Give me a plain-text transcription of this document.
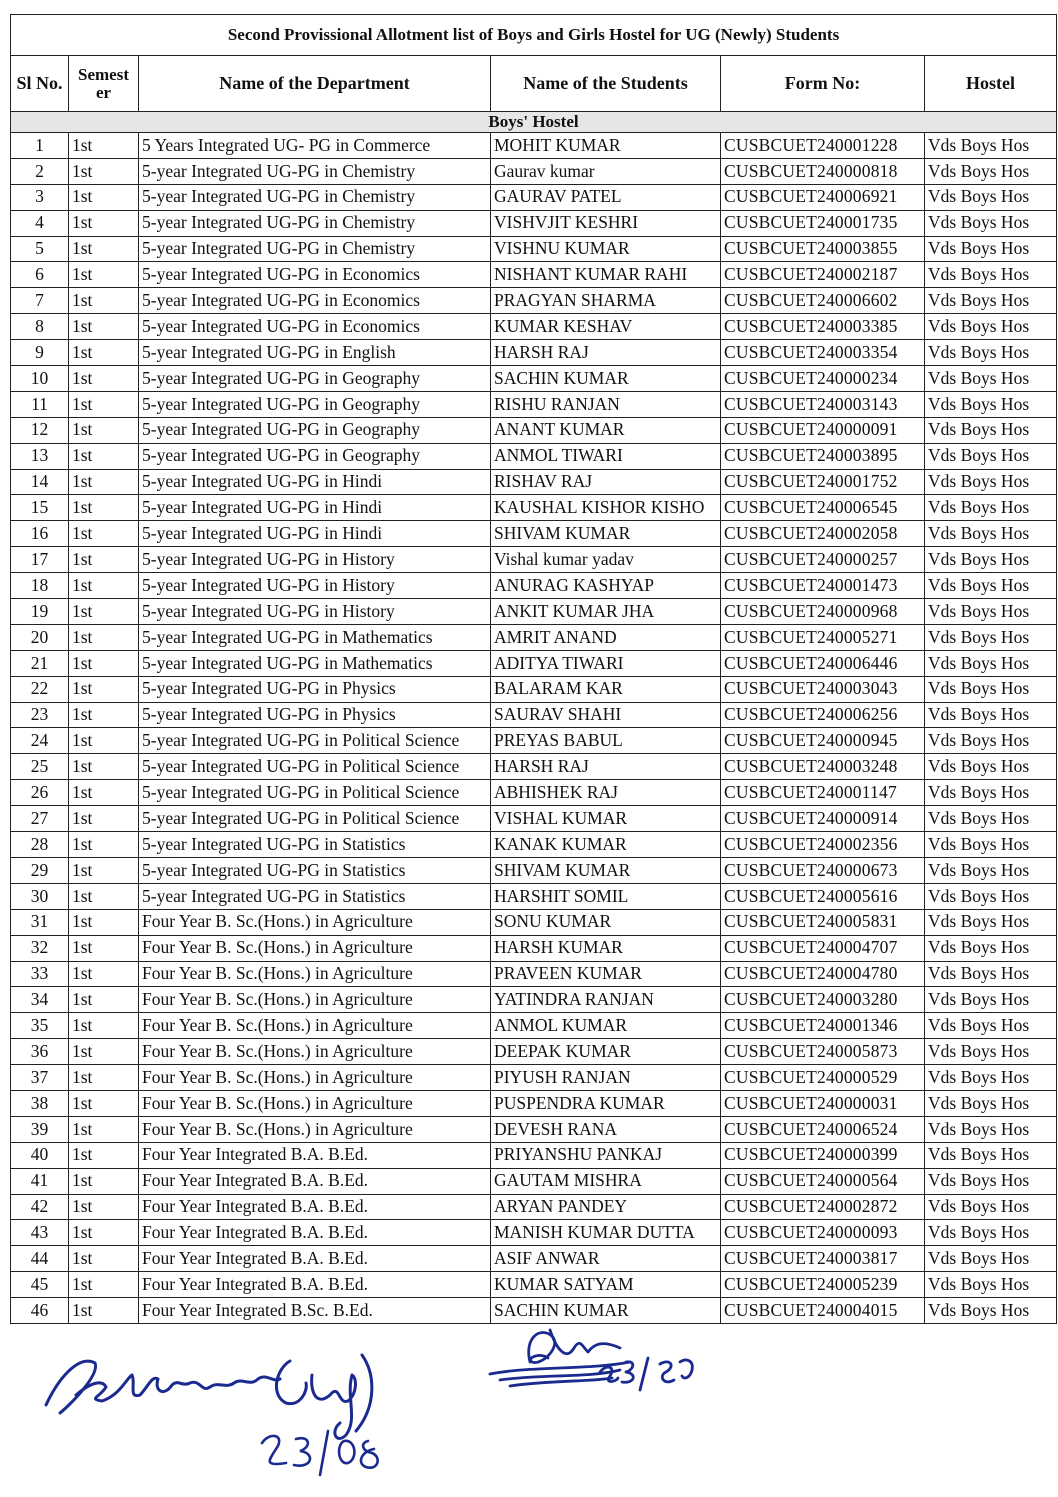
Second Provissional Allotment list of Boys and Girls Hostel for UG (Newly) Students					
Sl No.	Semest er	Name of the Department	Name of the Students	Form No:	Hostel
Boys' Hostel					
1	1st	5 Years Integrated UG- PG in Commerce	MOHIT KUMAR	CUSBCUET240001228	Vds Boys Hos
2	1st	5-year Integrated UG-PG in Chemistry	Gaurav kumar	CUSBCUET240000818	Vds Boys Hos
3	1st	5-year Integrated UG-PG in Chemistry	GAURAV PATEL	CUSBCUET240006921	Vds Boys Hos
4	1st	5-year Integrated UG-PG in Chemistry	VISHVJIT KESHRI	CUSBCUET240001735	Vds Boys Hos
5	1st	5-year Integrated UG-PG in Chemistry	VISHNU KUMAR	CUSBCUET240003855	Vds Boys Hos
6	1st	5-year Integrated UG-PG in Economics	NISHANT KUMAR RAHI	CUSBCUET240002187	Vds Boys Hos
7	1st	5-year Integrated UG-PG in Economics	PRAGYAN SHARMA	CUSBCUET240006602	Vds Boys Hos
8	1st	5-year Integrated UG-PG in Economics	KUMAR KESHAV	CUSBCUET240003385	Vds Boys Hos
9	1st	5-year Integrated UG-PG in English	HARSH RAJ	CUSBCUET240003354	Vds Boys Hos
10	1st	5-year Integrated UG-PG in Geography	SACHIN KUMAR	CUSBCUET240000234	Vds Boys Hos
11	1st	5-year Integrated UG-PG in Geography	RISHU RANJAN	CUSBCUET240003143	Vds Boys Hos
12	1st	5-year Integrated UG-PG in Geography	ANANT KUMAR	CUSBCUET240000091	Vds Boys Hos
13	1st	5-year Integrated UG-PG in Geography	ANMOL TIWARI	CUSBCUET240003895	Vds Boys Hos
14	1st	5-year Integrated UG-PG in Hindi	RISHAV RAJ	CUSBCUET240001752	Vds Boys Hos
15	1st	5-year Integrated UG-PG in Hindi	KAUSHAL KISHOR KISHO	CUSBCUET240006545	Vds Boys Hos
16	1st	5-year Integrated UG-PG in Hindi	SHIVAM KUMAR	CUSBCUET240002058	Vds Boys Hos
17	1st	5-year Integrated UG-PG in History	Vishal kumar yadav	CUSBCUET240000257	Vds Boys Hos
18	1st	5-year Integrated UG-PG in History	ANURAG KASHYAP	CUSBCUET240001473	Vds Boys Hos
19	1st	5-year Integrated UG-PG in History	ANKIT KUMAR JHA	CUSBCUET240000968	Vds Boys Hos
20	1st	5-year Integrated UG-PG in Mathematics	AMRIT ANAND	CUSBCUET240005271	Vds Boys Hos
21	1st	5-year Integrated UG-PG in Mathematics	ADITYA TIWARI	CUSBCUET240006446	Vds Boys Hos
22	1st	5-year Integrated UG-PG in Physics	BALARAM KAR	CUSBCUET240003043	Vds Boys Hos
23	1st	5-year Integrated UG-PG in Physics	SAURAV SHAHI	CUSBCUET240006256	Vds Boys Hos
24	1st	5-year Integrated UG-PG in Political Science	PREYAS BABUL	CUSBCUET240000945	Vds Boys Hos
25	1st	5-year Integrated UG-PG in Political Science	HARSH RAJ	CUSBCUET240003248	Vds Boys Hos
26	1st	5-year Integrated UG-PG in Political Science	ABHISHEK RAJ	CUSBCUET240001147	Vds Boys Hos
27	1st	5-year Integrated UG-PG in Political Science	VISHAL KUMAR	CUSBCUET240000914	Vds Boys Hos
28	1st	5-year Integrated UG-PG in Statistics	KANAK KUMAR	CUSBCUET240002356	Vds Boys Hos
29	1st	5-year Integrated UG-PG in Statistics	SHIVAM KUMAR	CUSBCUET240000673	Vds Boys Hos
30	1st	5-year Integrated UG-PG in Statistics	HARSHIT SOMIL	CUSBCUET240005616	Vds Boys Hos
31	1st	Four Year B. Sc.(Hons.) in Agriculture	SONU KUMAR	CUSBCUET240005831	Vds Boys Hos
32	1st	Four Year B. Sc.(Hons.) in Agriculture	HARSH KUMAR	CUSBCUET240004707	Vds Boys Hos
33	1st	Four Year B. Sc.(Hons.) in Agriculture	PRAVEEN KUMAR	CUSBCUET240004780	Vds Boys Hos
34	1st	Four Year B. Sc.(Hons.) in Agriculture	YATINDRA RANJAN	CUSBCUET240003280	Vds Boys Hos
35	1st	Four Year B. Sc.(Hons.) in Agriculture	ANMOL KUMAR	CUSBCUET240001346	Vds Boys Hos
36	1st	Four Year B. Sc.(Hons.) in Agriculture	DEEPAK KUMAR	CUSBCUET240005873	Vds Boys Hos
37	1st	Four Year B. Sc.(Hons.) in Agriculture	PIYUSH RANJAN	CUSBCUET240000529	Vds Boys Hos
38	1st	Four Year B. Sc.(Hons.) in Agriculture	PUSPENDRA KUMAR	CUSBCUET240000031	Vds Boys Hos
39	1st	Four Year B. Sc.(Hons.) in Agriculture	DEVESH RANA	CUSBCUET240006524	Vds Boys Hos
40	1st	Four Year Integrated B.A. B.Ed.	PRIYANSHU PANKAJ	CUSBCUET240000399	Vds Boys Hos
41	1st	Four Year Integrated B.A. B.Ed.	GAUTAM MISHRA	CUSBCUET240000564	Vds Boys Hos
42	1st	Four Year Integrated B.A. B.Ed.	ARYAN PANDEY	CUSBCUET240002872	Vds Boys Hos
43	1st	Four Year Integrated B.A. B.Ed.	MANISH KUMAR DUTTA	CUSBCUET240000093	Vds Boys Hos
44	1st	Four Year Integrated B.A. B.Ed.	ASIF ANWAR	CUSBCUET240003817	Vds Boys Hos
45	1st	Four Year Integrated B.A. B.Ed.	KUMAR SATYAM	CUSBCUET240005239	Vds Boys Hos
46	1st	Four Year Integrated B.Sc. B.Ed.	SACHIN KUMAR	CUSBCUET240004015	Vds Boys Hos
